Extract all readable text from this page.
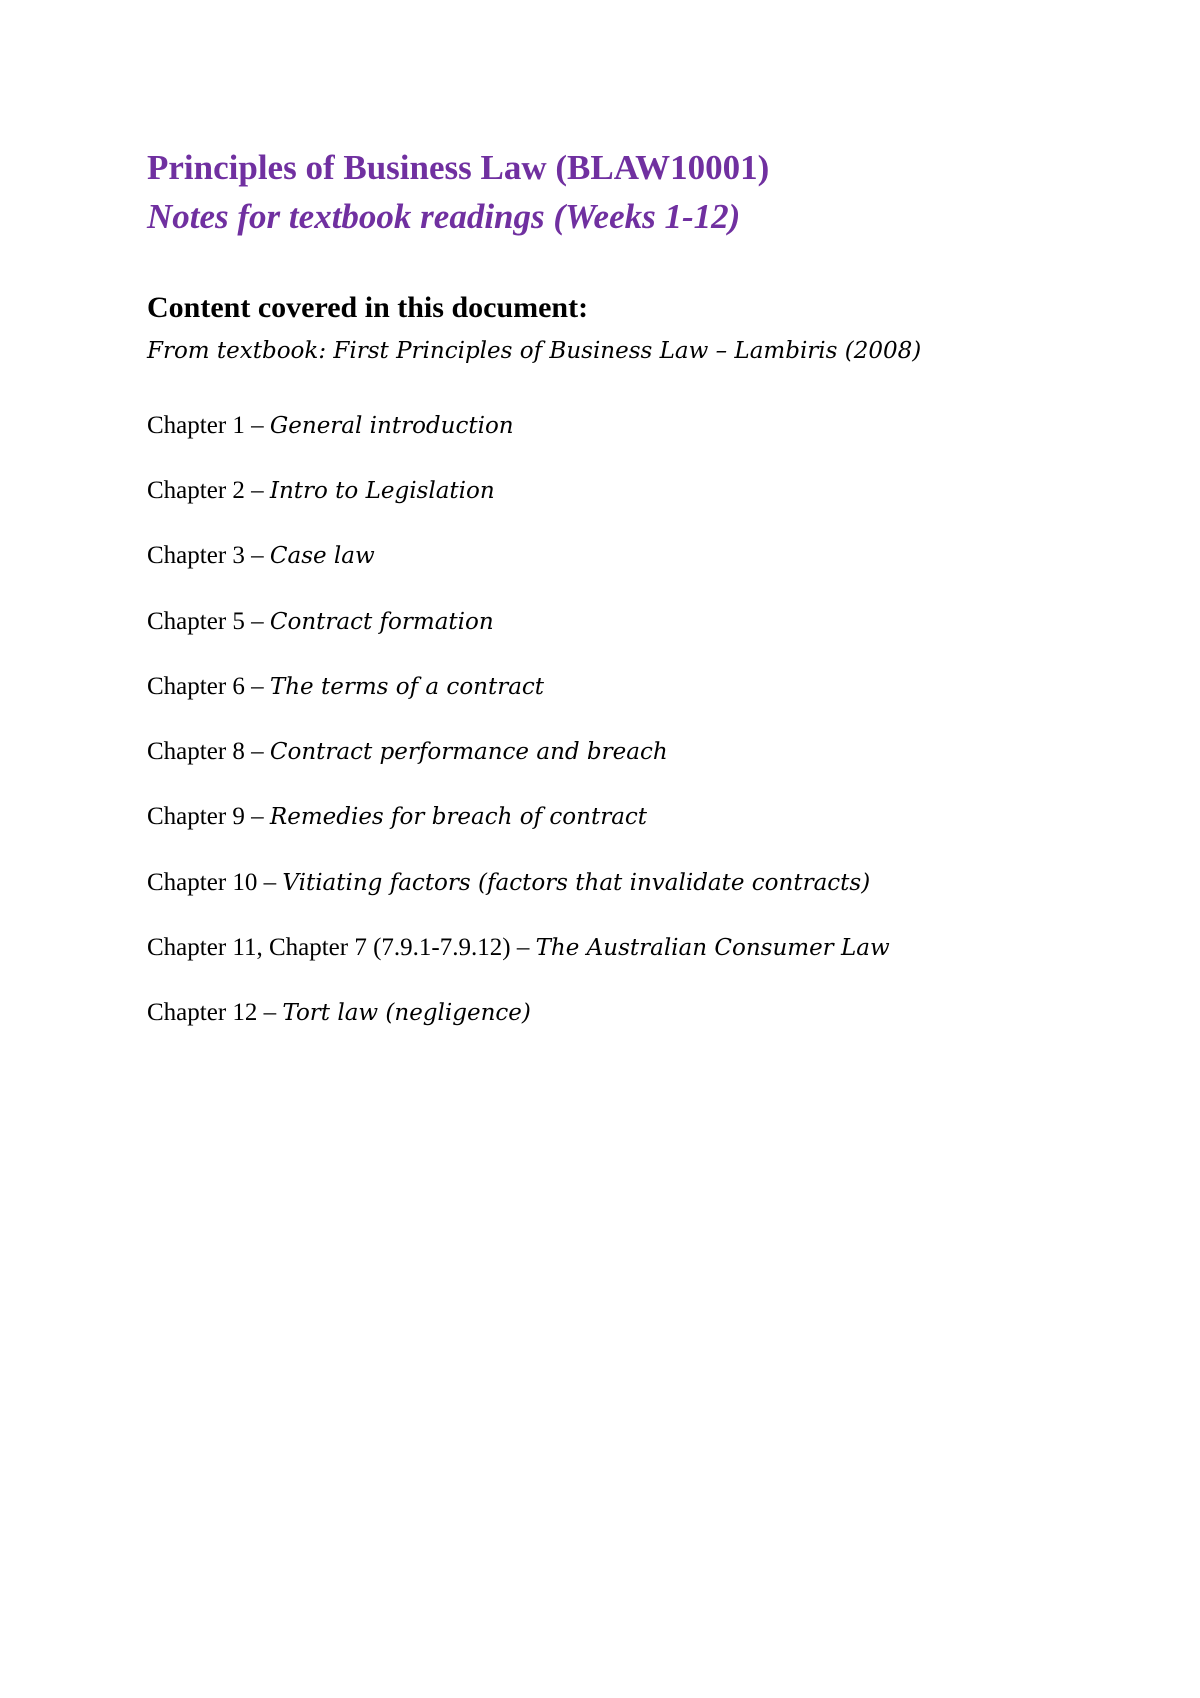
Principles of Business Law (BLAW10001)
Notes for textbook readings (Weeks 1-12)
Content covered in this document:

From textbook: First Principles of Business Law – Lambiris (2008)

Chapter 1 – General introduction
Chapter 2 – Intro to Legislation
Chapter 3 – Case law
Chapter 5 – Contract formation
Chapter 6 – The terms of a contract
Chapter 8 – Contract performance and breach
Chapter 9 – Remedies for breach of contract
Chapter 10 – Vitiating factors (factors that invalidate contracts)
Chapter 11, Chapter 7 (7.9.1-7.9.12) – The Australian Consumer Law
Chapter 12 – Tort law (negligence)
